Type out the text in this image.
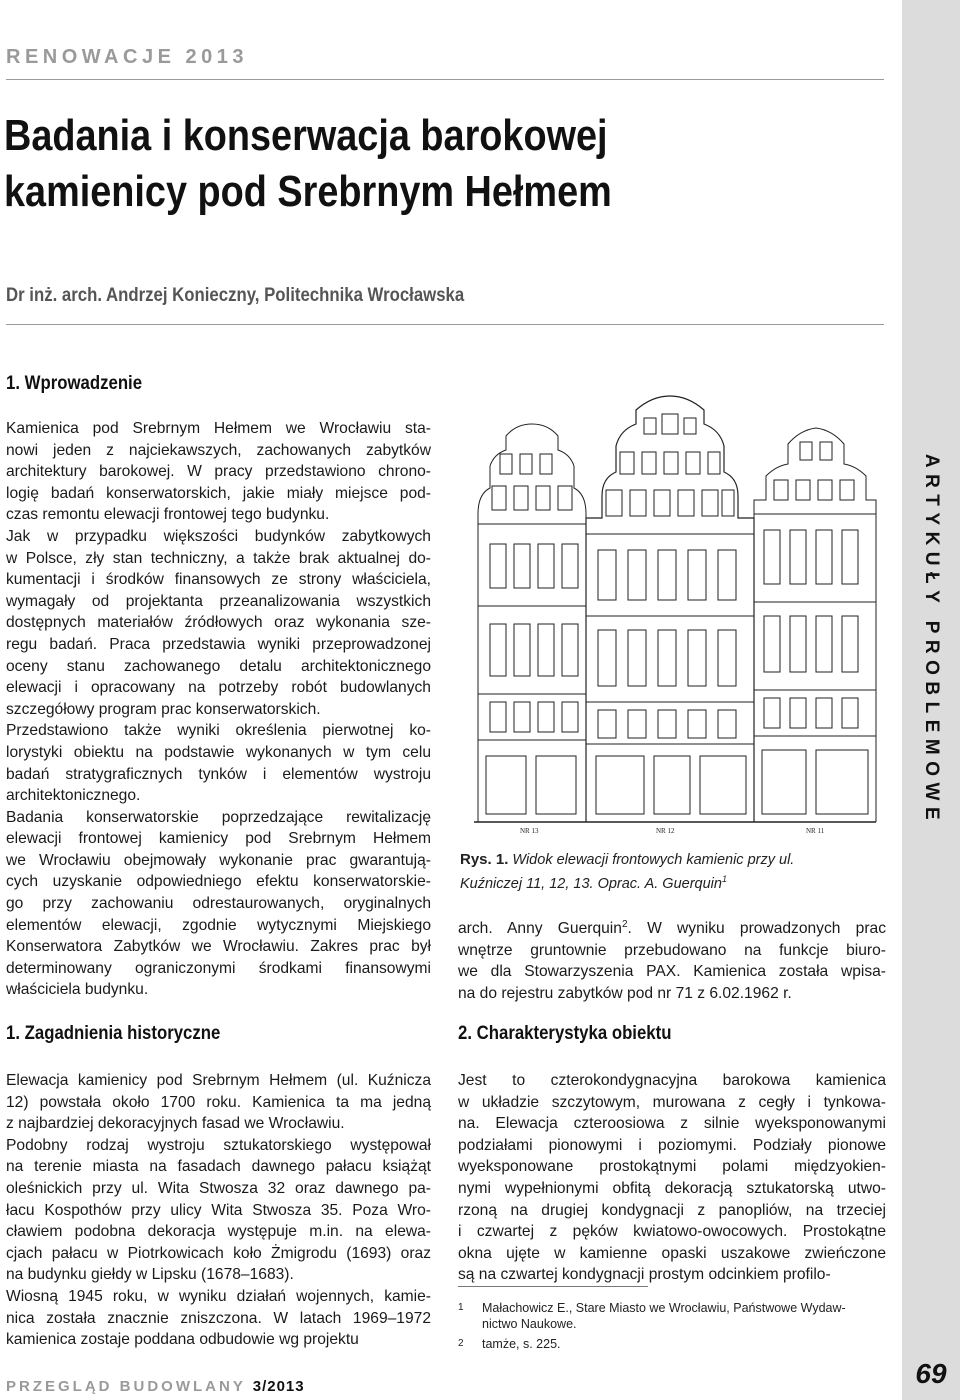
ARTYKUŁY PROBLEMOWE
RENOWACJE 2013
Badania i konserwacja barokowej
kamienicy pod Srebrnym Hełmem
Dr inż. arch. Andrzej Konieczny, Politechnika Wrocławska
1. Wprowadzenie
Kamienica pod Srebrnym Hełmem we Wrocławiu sta-
nowi jeden z najciekawszych, zachowanych zabytków
architektury barokowej. W pracy przedstawiono chrono-
logię badań konserwatorskich, jakie miały miejsce pod-
czas remontu elewacji frontowej tego budynku.
Jak w przypadku większości budynków zabytkowych
w Polsce, zły stan techniczny, a także brak aktualnej do-
kumentacji i środków finansowych ze strony właściciela,
wymagały od projektanta przeanalizowania wszystkich
dostępnych materiałów źródłowych oraz wykonania sze-
regu badań. Praca przedstawia wyniki przeprowadzonej
oceny stanu zachowanego detalu architektonicznego
elewacji i opracowany na potrzeby robót budowlanych
szczegółowy program prac konserwatorskich.
Przedstawiono także wyniki określenia pierwotnej ko-
lorystyki obiektu na podstawie wykonanych w tym celu
badań stratygraficznych tynków i elementów wystroju
architektonicznego.
Badania konserwatorskie poprzedzające rewitalizację
elewacji frontowej kamienicy pod Srebrnym Hełmem
we Wrocławiu obejmowały wykonanie prac gwarantują-
cych uzyskanie odpowiedniego efektu konserwatorskie-
go przy zachowaniu odrestaurowanych, oryginalnych
elementów elewacji, zgodnie wytycznymi Miejskiego
Konserwatora Zabytków we Wrocławiu. Zakres prac był
determinowany ograniczonymi środkami finansowymi
właściciela budynku.
1. Zagadnienia historyczne
Elewacja kamienicy pod Srebrnym Hełmem (ul. Kuźnicza
12) powstała około 1700 roku. Kamienica ta ma jedną
z najbardziej dekoracyjnych fasad we Wrocławiu.
Podobny rodzaj wystroju sztukatorskiego występował
na terenie miasta na fasadach dawnego pałacu książąt
oleśnickich przy ul. Wita Stwosza 32 oraz dawnego pa-
łacu Kospothów przy ulicy Wita Stwosza 35. Poza Wro-
cławiem podobna dekoracja występuje m.in. na elewa-
cjach pałacu w Piotrkowicach koło Żmigrodu (1693) oraz
na budynku giełdy w Lipsku (1678–1683).
Wiosną 1945 roku, w wyniku działań wojennych, kamie-
nica została znacznie zniszczona. W latach 1969–1972
kamienica zostaje poddana odbudowie wg projektu
NR 13	NR 12	NR 11
Rys. 1. Widok elewacji frontowych kamienic przy ul.
Kuźniczej 11, 12, 13. Oprac. A. Guerquin$^1$
arch. Anny Guerquin$^2$. W wyniku prowadzonych prac
wnętrze gruntownie przebudowano na funkcje biuro-
we dla Stowarzyszenia PAX. Kamienica została wpisa-
na do rejestru zabytków pod nr 71 z 6.02.1962 r.
2. Charakterystyka obiektu
Jest to czterokondygnacyjna barokowa kamienica
w układzie szczytowym, murowana z cegły i tynkowa-
na. Elewacja czteroosiowa z silnie wyeksponowanymi
podziałami pionowymi i poziomymi. Podziały pionowe
wyeksponowane prostokątnymi polami międzyokien-
nymi wypełnionymi obfitą dekoracją sztukatorską utwo-
rzoną na drugiej kondygnacji z panopliów, na trzeciej
i czwartej z pęków kwiatowo-owocowych. Prostokątne
okna ujęte w kamienne opaski uszakowe zwieńczone
są na czwartej kondygnacji prostym odcinkiem profilo-
1 Małachowicz E., Stare Miasto we Wrocławiu, Państwowe Wydaw-
nictwo Naukowe.
2 tamże, s. 225.
PRZEGLĄD BUDOWLANY 3/2013	69
